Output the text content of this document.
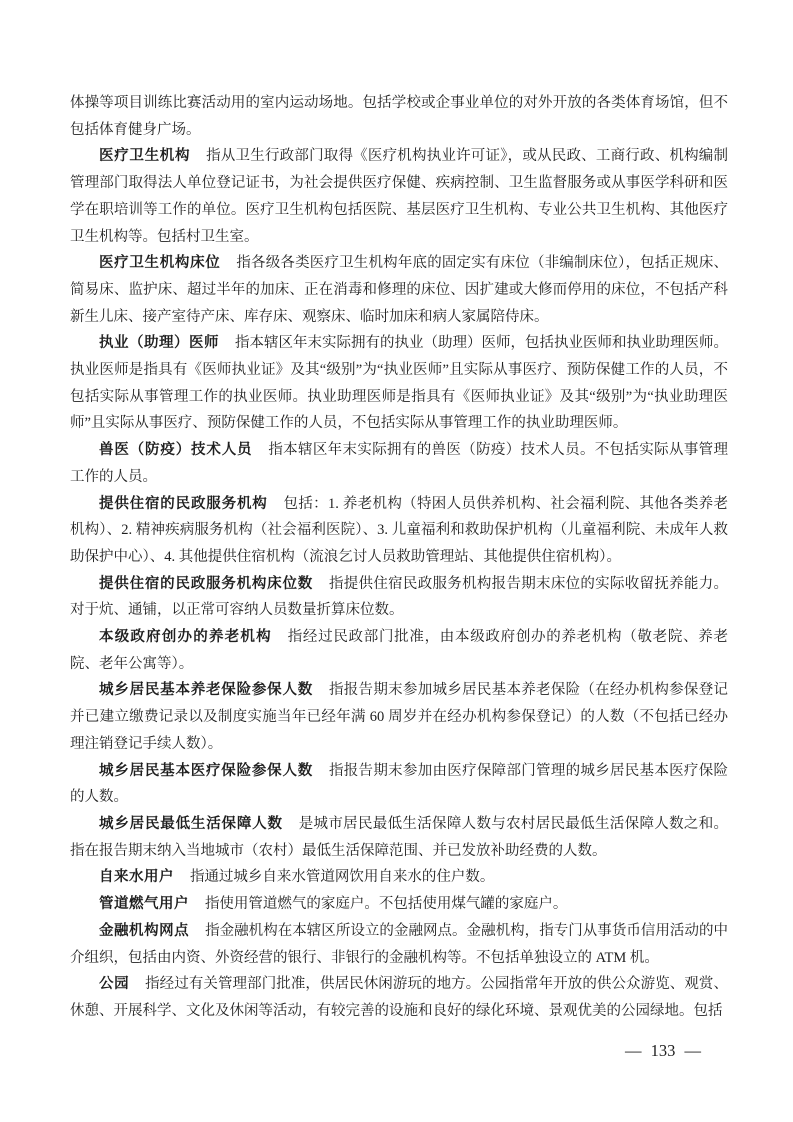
体操等项目训练比赛活动用的室内运动场地。包括学校或企事业单位的对外开放的各类体育场馆，但不包括体育健身广场。

医疗卫生机构 指从卫生行政部门取得《医疗机构执业许可证》，或从民政、工商行政、机构编制管理部门取得法人单位登记证书，为社会提供医疗保健、疾病控制、卫生监督服务或从事医学科研和医学在职培训等工作的单位。医疗卫生机构包括医院、基层医疗卫生机构、专业公共卫生机构、其他医疗卫生机构等。包括村卫生室。

医疗卫生机构床位 指各级各类医疗卫生机构年底的固定实有床位（非编制床位），包括正规床、简易床、监护床、超过半年的加床、正在消毒和修理的床位、因扩建或大修而停用的床位，不包括产科新生儿床、接产室待产床、库存床、观察床、临时加床和病人家属陪侍床。

执业（助理）医师 指本辖区年末实际拥有的执业（助理）医师，包括执业医师和执业助理医师。执业医师是指具有《医师执业证》及其“级别”为“执业医师”且实际从事医疗、预防保健工作的人员，不包括实际从事管理工作的执业医师。执业助理医师是指具有《医师执业证》及其“级别”为“执业助理医师”且实际从事医疗、预防保健工作的人员，不包括实际从事管理工作的执业助理医师。

兽医（防疫）技术人员 指本辖区年末实际拥有的兽医（防疫）技术人员。不包括实际从事管理工作的人员。

提供住宿的民政服务机构 包括：1. 养老机构（特困人员供养机构、社会福利院、其他各类养老机构）、2. 精神疾病服务机构（社会福利医院）、3. 儿童福利和救助保护机构（儿童福利院、未成年人救助保护中心）、4. 其他提供住宿机构（流浪乞讨人员救助管理站、其他提供住宿机构）。

提供住宿的民政服务机构床位数 指提供住宿民政服务机构报告期末床位的实际收留抚养能力。对于炕、通铺，以正常可容纳人员数量折算床位数。

本级政府创办的养老机构 指经过民政部门批准，由本级政府创办的养老机构（敬老院、养老院、老年公寓等）。

城乡居民基本养老保险参保人数 指报告期末参加城乡居民基本养老保险（在经办机构参保登记并已建立缴费记录以及制度实施当年已经年满 60 周岁并在经办机构参保登记）的人数（不包括已经办理注销登记手续人数）。

城乡居民基本医疗保险参保人数 指报告期末参加由医疗保障部门管理的城乡居民基本医疗保险的人数。

城乡居民最低生活保障人数 是城市居民最低生活保障人数与农村居民最低生活保障人数之和。指在报告期末纳入当地城市（农村）最低生活保障范围、并已发放补助经费的人数。

自来水用户 指通过城乡自来水管道网饮用自来水的住户数。

管道燃气用户 指使用管道燃气的家庭户。不包括使用煤气罐的家庭户。

金融机构网点 指金融机构在本辖区所设立的金融网点。金融机构，指专门从事货币信用活动的中介组织，包括由内资、外资经营的银行、非银行的金融机构等。不包括单独设立的 ATM 机。

公园 指经过有关管理部门批准，供居民休闲游玩的地方。公园指常年开放的供公众游览、观赏、休憩、开展科学、文化及休闲等活动，有较完善的设施和良好的绿化环境、景观优美的公园绿地。包括

— 133 —
